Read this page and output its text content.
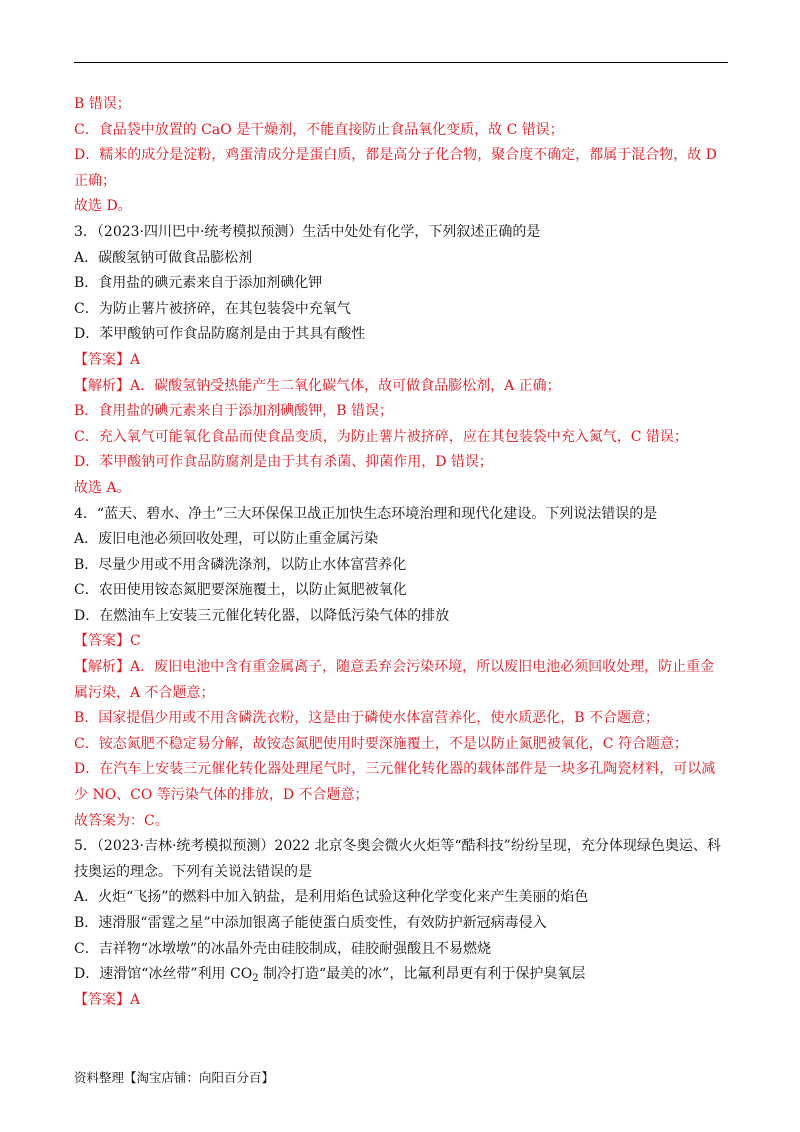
B 错误；

C．食品袋中放置的 CaO 是干燥剂，不能直接防止食品氧化变质，故 C 错误；

D．糯米的成分是淀粉，鸡蛋清成分是蛋白质，都是高分子化合物，聚合度不确定，都属于混合物，故 D

正确；

故选 D。

3．（2023·四川巴中·统考模拟预测）生活中处处有化学，下列叙述正确的是

A．碳酸氢钠可做食品膨松剂

B．食用盐的碘元素来自于添加剂碘化钾

C．为防止薯片被挤碎，在其包装袋中充氧气

D．苯甲酸钠可作食品防腐剂是由于其具有酸性

【答案】A

【解析】A．碳酸氢钠受热能产生二氧化碳气体，故可做食品膨松剂，A 正确；

B．食用盐的碘元素来自于添加剂碘酸钾，B 错误；

C．充入氧气可能氧化食品而使食品变质，为防止薯片被挤碎，应在其包装袋中充入氮气，C 错误；

D．苯甲酸钠可作食品防腐剂是由于其有杀菌、抑菌作用，D 错误；

故选 A。

4．“蓝天、碧水、净土”三大环保保卫战正加快生态环境治理和现代化建设。下列说法错误的是

A．废旧电池必须回收处理，可以防止重金属污染

B．尽量少用或不用含磷洗涤剂，以防止水体富营养化

C．农田使用铵态氮肥要深施覆土，以防止氮肥被氧化

D．在燃油车上安装三元催化转化器，以降低污染气体的排放

【答案】C

【解析】A．废旧电池中含有重金属离子，随意丢弃会污染环境，所以废旧电池必须回收处理，防止重金

属污染，A 不合题意；

B．国家提倡少用或不用含磷洗衣粉，这是由于磷使水体富营养化，使水质恶化，B 不合题意；

C．铵态氮肥不稳定易分解，故铵态氮肥使用时要深施覆土，不是以防止氮肥被氧化，C 符合题意；

D．在汽车上安装三元催化转化器处理尾气时，三元催化转化器的载体部件是一块多孔陶瓷材料，可以减

少 NO、CO 等污染气体的排放，D 不合题意；

故答案为：C。

5．（2023·吉林·统考模拟预测）2022 北京冬奥会微火火炬等“酷科技”纷纷呈现，充分体现绿色奥运、科

技奥运的理念。下列有关说法错误的是

A．火炬“飞扬”的燃料中加入钠盐，是利用焰色试验这种化学变化来产生美丽的焰色

B．速滑服“雷霆之星”中添加银离子能使蛋白质变性，有效防护新冠病毒侵入

C．吉祥物“冰墩墩”的冰晶外壳由硅胶制成，硅胶耐强酸且不易燃烧

D．速滑馆“冰丝带”利用 $CO_2$ 制冷打造“最美的冰”，比氟利昂更有利于保护臭氧层

【答案】A

资料整理【淘宝店铺：向阳百分百】
